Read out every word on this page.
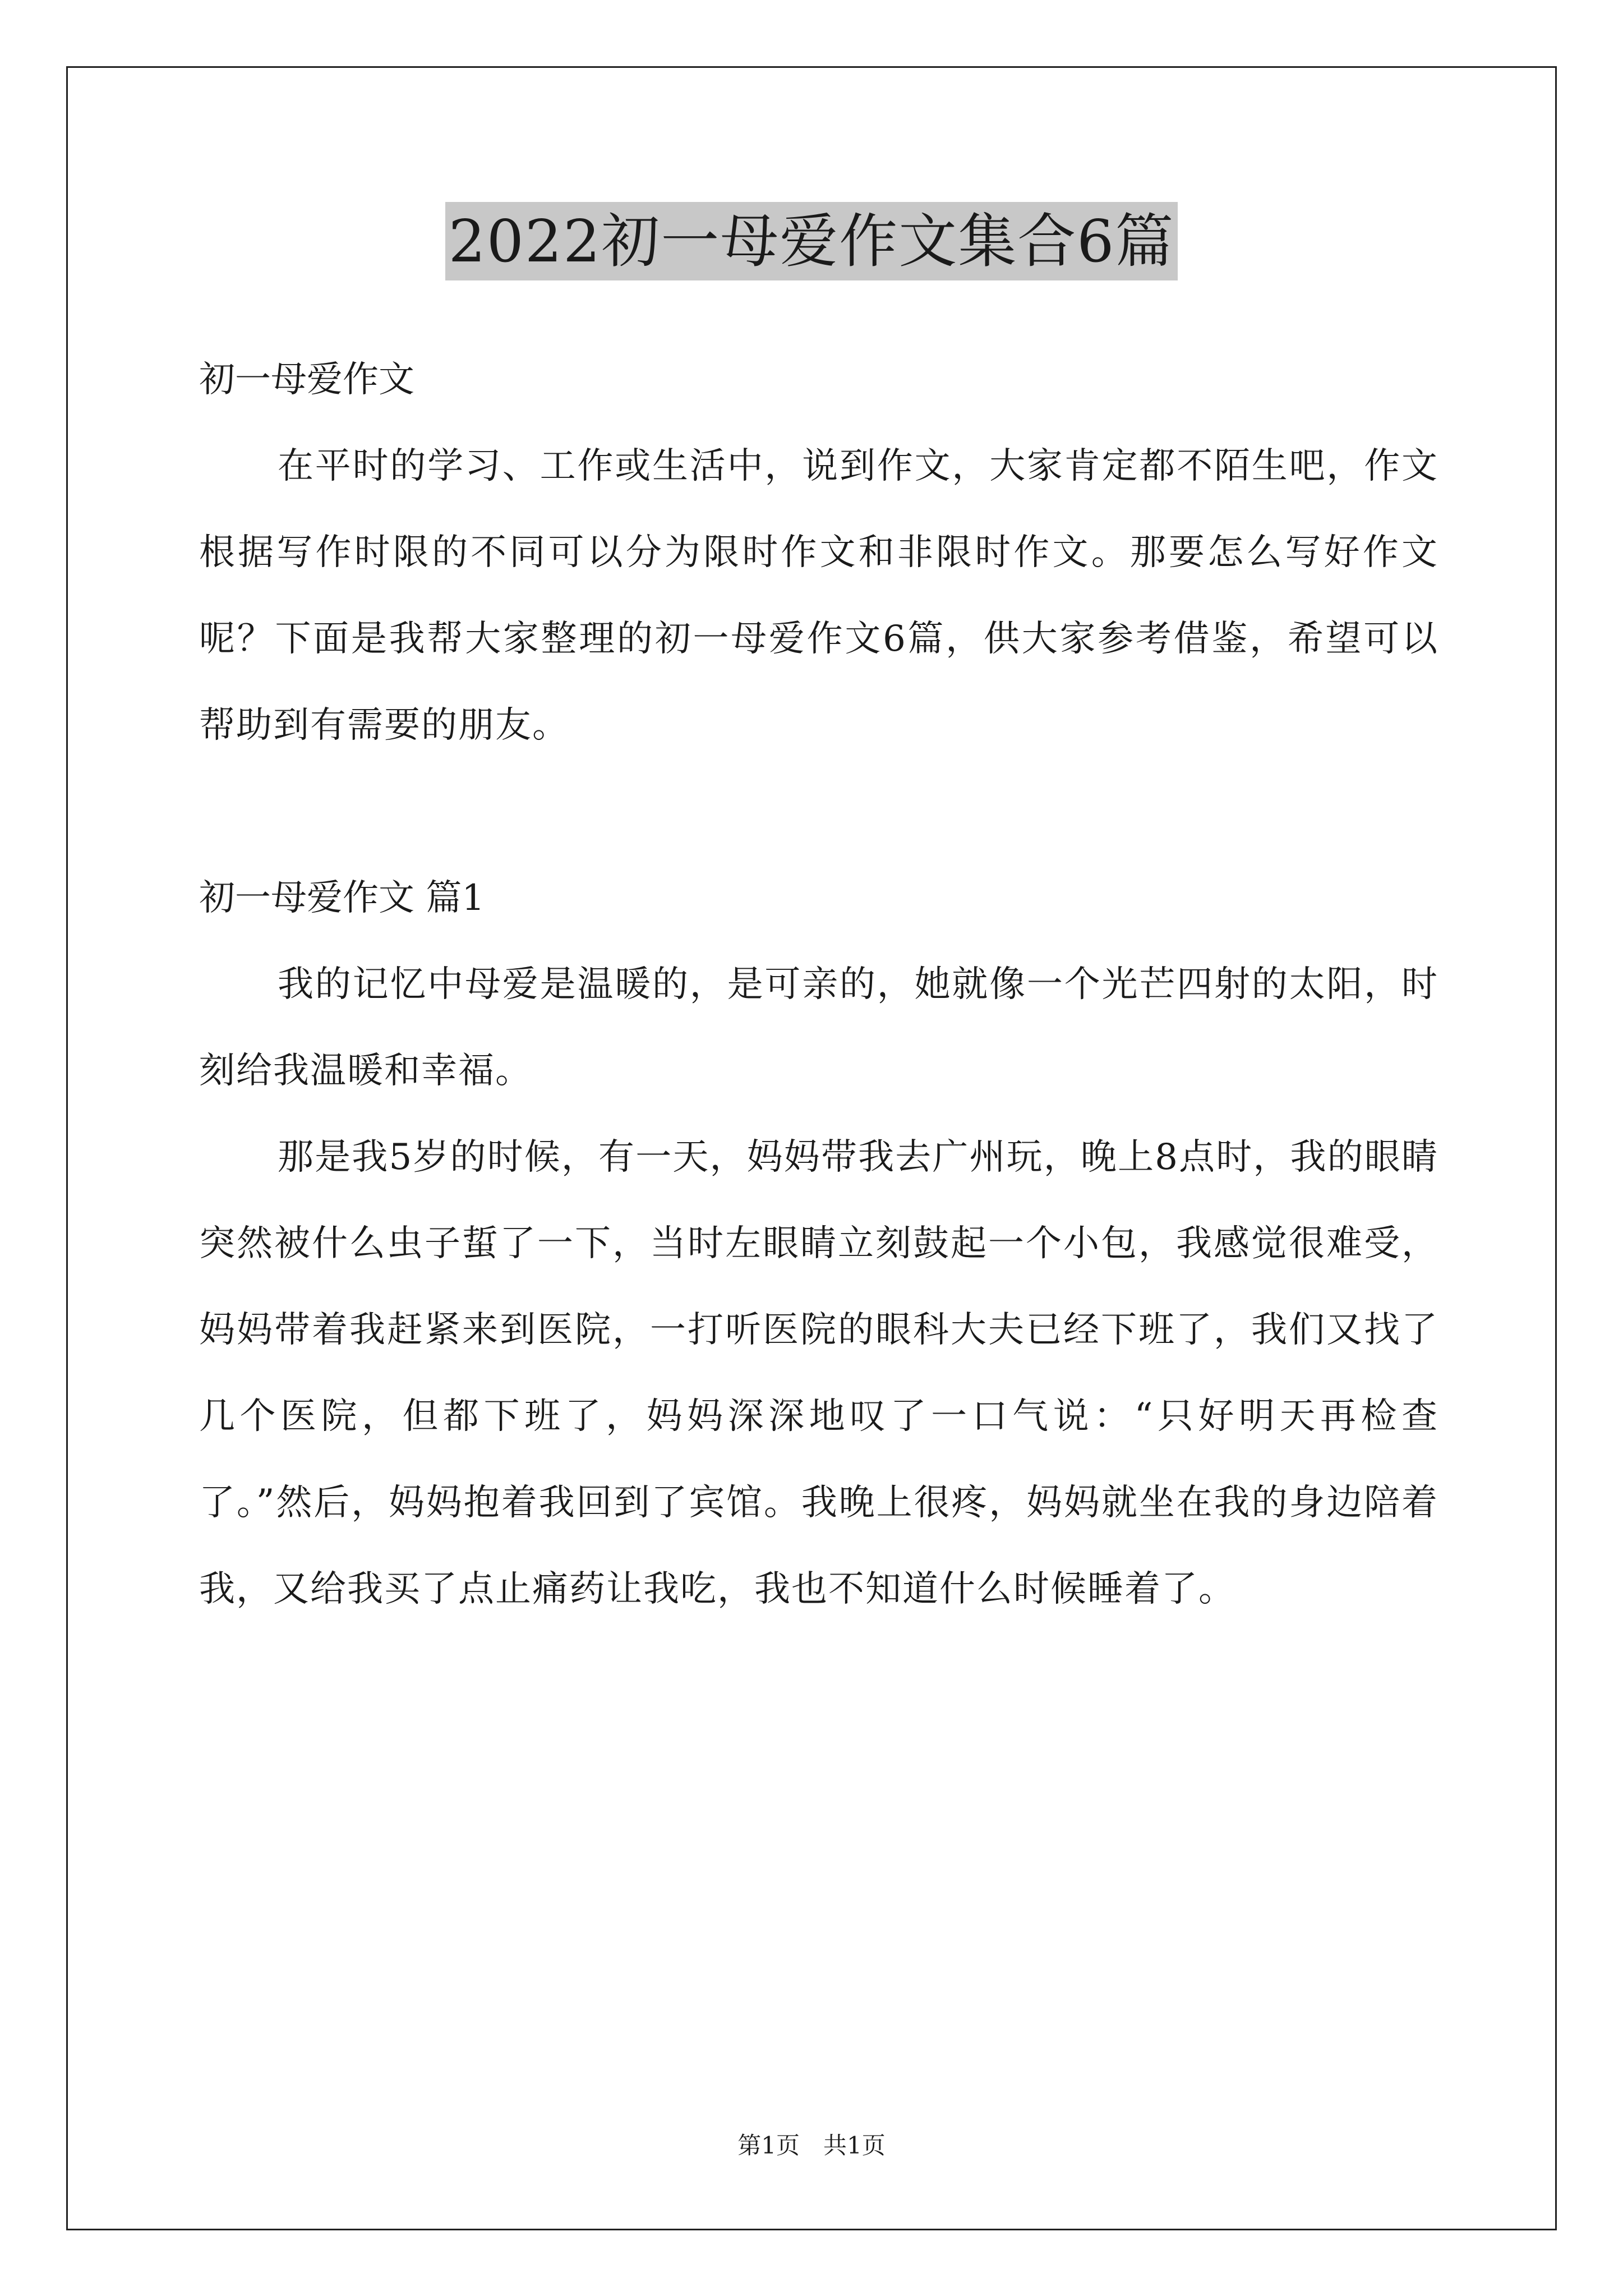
2022初一母爱作文集合6篇

初一母爱作文

在平时的学习、工作或生活中，说到作文，大家肯定都不陌生吧，作文根据写作时限的不同可以分为限时作文和非限时作文。那要怎么写好作文呢？下面是我帮大家整理的初一母爱作文6篇，供大家参考借鉴，希望可以帮助到有需要的朋友。

初一母爱作文 篇1

我的记忆中母爱是温暖的，是可亲的，她就像一个光芒四射的太阳，时刻给我温暖和幸福。

那是我5岁的时候，有一天，妈妈带我去广州玩，晚上8点时，我的眼睛突然被什么虫子蜇了一下，当时左眼睛立刻鼓起一个小包，我感觉很难受，妈妈带着我赶紧来到医院，一打听医院的眼科大夫已经下班了，我们又找了几个医院，但都下班了，妈妈深深地叹了一口气说：“只好明天再检查了。”然后，妈妈抱着我回到了宾馆。我晚上很疼，妈妈就坐在我的身边陪着我，又给我买了点止痛药让我吃，我也不知道什么时候睡着了。

第1页　共1页
